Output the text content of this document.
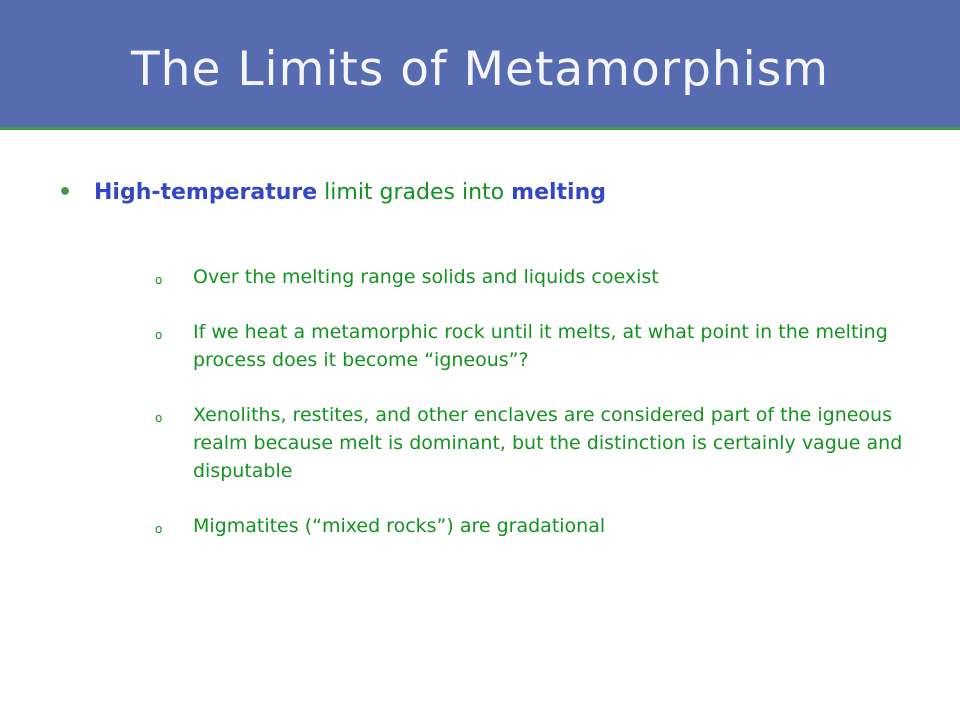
The Limits of Metamorphism
• High-temperature limit grades into melting
o Over the melting range solids and liquids coexist
o If we heat a metamorphic rock until it melts, at what point in the melting process does it become “igneous”?
o Xenoliths, restites, and other enclaves are considered part of the igneous realm because melt is dominant, but the distinction is certainly vague and disputable
o Migmatites (“mixed rocks”) are gradational
